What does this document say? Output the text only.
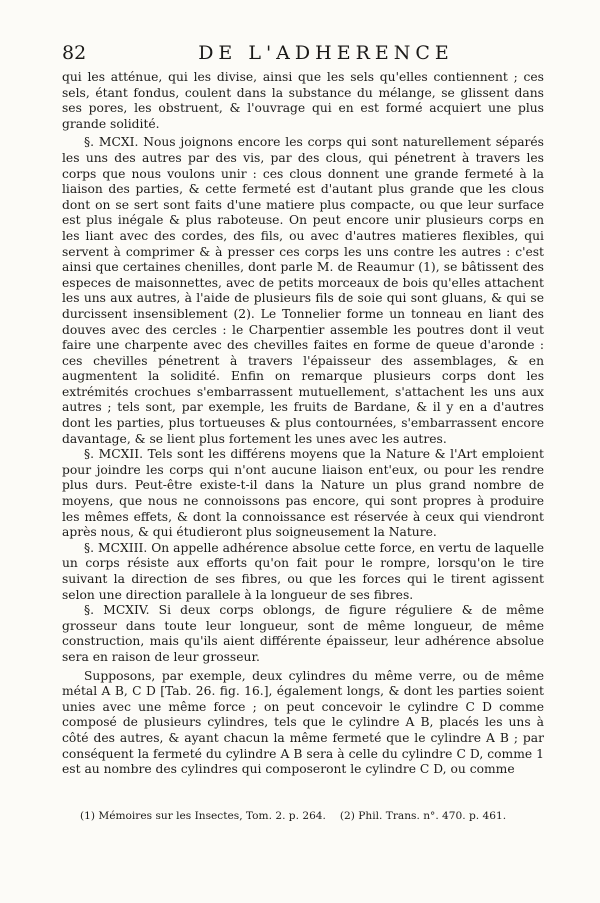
82	DE L'ADHERENCE

qui les atténue, qui les divise, ainsi que les sels qu'elles contiennent ; ces sels, étant fondus, coulent dans la substance du mélange, se glissent dans ses pores, les obstruent, & l'ouvrage qui en est formé acquiert une plus grande solidité.

§. MCXI. Nous joignons encore les corps qui sont naturellement séparés les uns des autres par des vis, par des clous, qui pénetrent à travers les corps que nous voulons unir : ces clous donnent une grande fermeté à la liaison des parties, & cette fermeté est d'autant plus grande que les clous dont on se sert sont faits d'une matiere plus compacte, ou que leur surface est plus inégale & plus raboteuse. On peut encore unir plusieurs corps en les liant avec des cordes, des fils, ou avec d'autres matieres flexibles, qui servent à comprimer & à presser ces corps les uns contre les autres : c'est ainsi que certaines chenilles, dont parle M. de Reaumur (1), se bâtissent des especes de maisonnettes, avec de petits morceaux de bois qu'elles attachent les uns aux autres, à l'aide de plusieurs fils de soie qui sont gluans, & qui se durcissent insensiblement (2). Le Tonnelier forme un tonneau en liant des douves avec des cercles : le Charpentier assemble les poutres dont il veut faire une charpente avec des chevilles faites en forme de queue d'aronde : ces chevilles pénetrent à travers l'épaisseur des assemblages, & en augmentent la solidité. Enfin on remarque plusieurs corps dont les extrémités crochues s'embarrassent mutuellement, s'attachent les uns aux autres ; tels sont, par exemple, les fruits de Bardane, & il y en a d'autres dont les parties, plus tortueuses & plus contournées, s'embarrassent encore davantage, & se lient plus fortement les unes avec les autres.

§. MCXII. Tels sont les différens moyens que la Nature & l'Art emploient pour joindre les corps qui n'ont aucune liaison ent'eux, ou pour les rendre plus durs. Peut-être existe-t-il dans la Nature un plus grand nombre de moyens, que nous ne connoissons pas encore, qui sont propres à produire les mêmes effets, & dont la connoissance est réservée à ceux qui viendront après nous, & qui étudieront plus soigneusement la Nature.

§. MCXIII. On appelle adhérence absolue cette force, en vertu de laquelle un corps résiste aux efforts qu'on fait pour le rompre, lorsqu'on le tire suivant la direction de ses fibres, ou que les forces qui le tirent agissent selon une direction parallele à la longueur de ses fibres.

§. MCXIV. Si deux corps oblongs, de figure réguliere & de même grosseur dans toute leur longueur, sont de même longueur, de même construction, mais qu'ils aient différente épaisseur, leur adhérence absolue sera en raison de leur grosseur.

Supposons, par exemple, deux cylindres du même verre, ou de même métal A B, C D [Tab. 26. fig. 16.], également longs, & dont les parties soient unies avec une même force ; on peut concevoir le cylindre C D comme composé de plusieurs cylindres, tels que le cylindre A B, placés les uns à côté des autres, & ayant chacun la même fermeté que le cylindre A B ; par conséquent la fermeté du cylindre A B sera à celle du cylindre C D, comme 1 est au nombre des cylindres qui composeront le cylindre C D, ou comme

(1) Mémoires sur les Insectes, Tom. 2. p. 264. (2) Phil. Trans. n°. 470. p. 461.
